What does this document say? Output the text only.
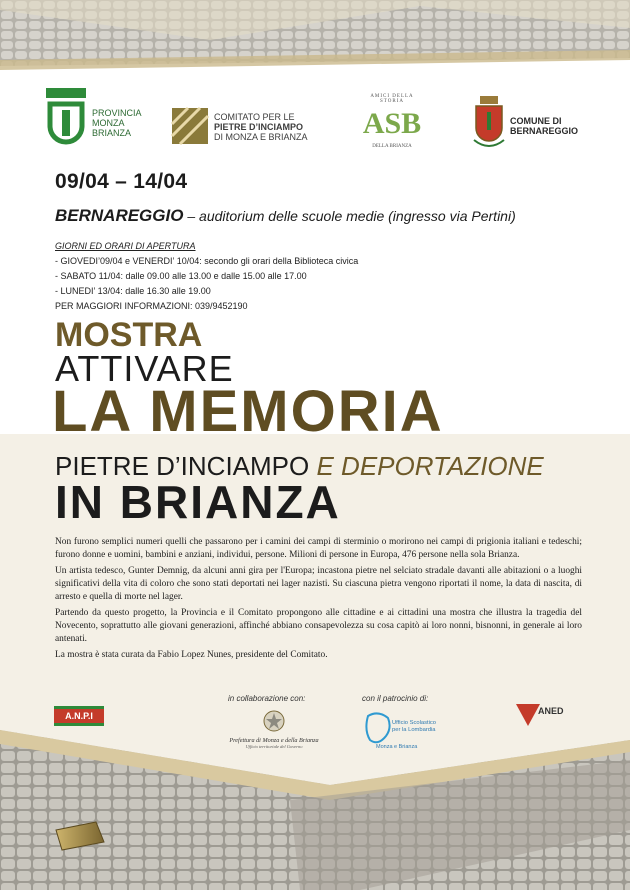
PROVINCIA
MONZA
BRIANZA
COMITATO PER LE
PIETRE D’INCIAMPO
DI MONZA E BRIANZA
AMICI DELLA STORIA
ASB
DELLA BRIANZA
COMUNE DI
BERNAREGGIO
09/04 – 14/04
BERNAREGGIO – auditorium delle scuole medie (ingresso via Pertini)
GIORNI ED ORARI DI APERTURA
- GIOVEDI’09/04 e VENERDI’ 10/04: secondo gli orari della Biblioteca civica
- SABATO 11/04: dalle 09.00 alle 13.00 e dalle 15.00 alle 17.00
- LUNEDI’ 13/04: dalle 16.30 alle 19.00
PER MAGGIORI INFORMAZIONI: 039/9452190
MOSTRA
ATTIVARE
LA MEMORIA
PIETRE D’INCIAMPO E DEPORTAZIONE
IN BRIANZA

Non furono semplici numeri quelli che passarono per i camini dei campi di sterminio o morirono nei campi di prigionia italiani e tedeschi; furono donne e uomini, bambini e anziani, individui, persone. Milioni di persone in Europa, 476 persone nella sola Brianza.

Un artista tedesco, Gunter Demnig, da alcuni anni gira per l'Europa; incastona pietre nel selciato stradale davanti alle abitazioni o a luoghi significativi della vita di coloro che sono stati deportati nei lager nazisti. Su ciascuna pietra vengono riportati il nome, la data di nascita, di arresto e quella di morte nel lager.

Partendo da questo progetto, la Provincia e il Comitato propongono alle cittadine e ai cittadini una mostra che illustra la tragedia del Novecento, soprattutto alle giovani generazioni, affinché abbiano consapevolezza su cosa capitò ai loro nonni, bisnonni, in generale ai loro antenati.

La mostra è stata curata da Fabio Lopez Nunes, presidente del Comitato.

A.N.P.I
in collaborazione con:
Prefettura di Monza e della Brianza
Ufficio territoriale del Governo
con il patrocinio di:
Ufficio Scolastico per la Lombardia
Monza e Brianza
ANED
